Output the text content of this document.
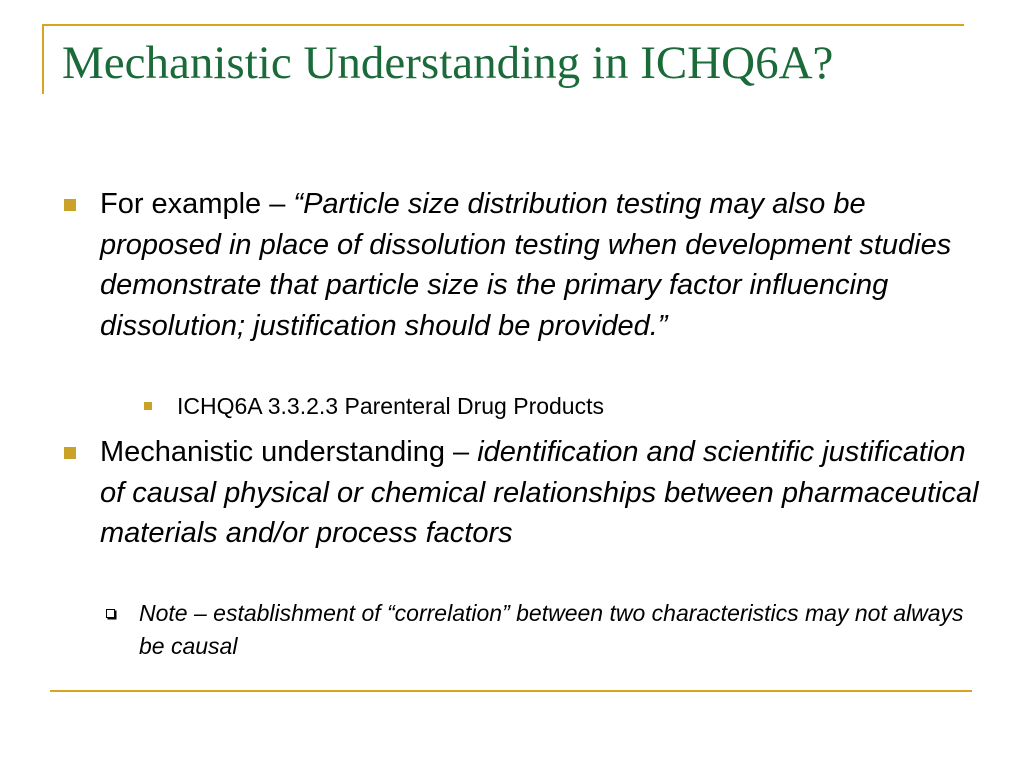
Mechanistic Understanding in ICHQ6A?
For example – “Particle size distribution testing may also be proposed in place of dissolution testing when development studies demonstrate that particle size is the primary factor influencing dissolution; justification should be provided.”
ICHQ6A 3.3.2.3 Parenteral Drug Products
Mechanistic understanding – identification and scientific justification of causal physical or chemical relationships between pharmaceutical materials and/or process factors
Note – establishment of “correlation” between two characteristics may not always be causal
